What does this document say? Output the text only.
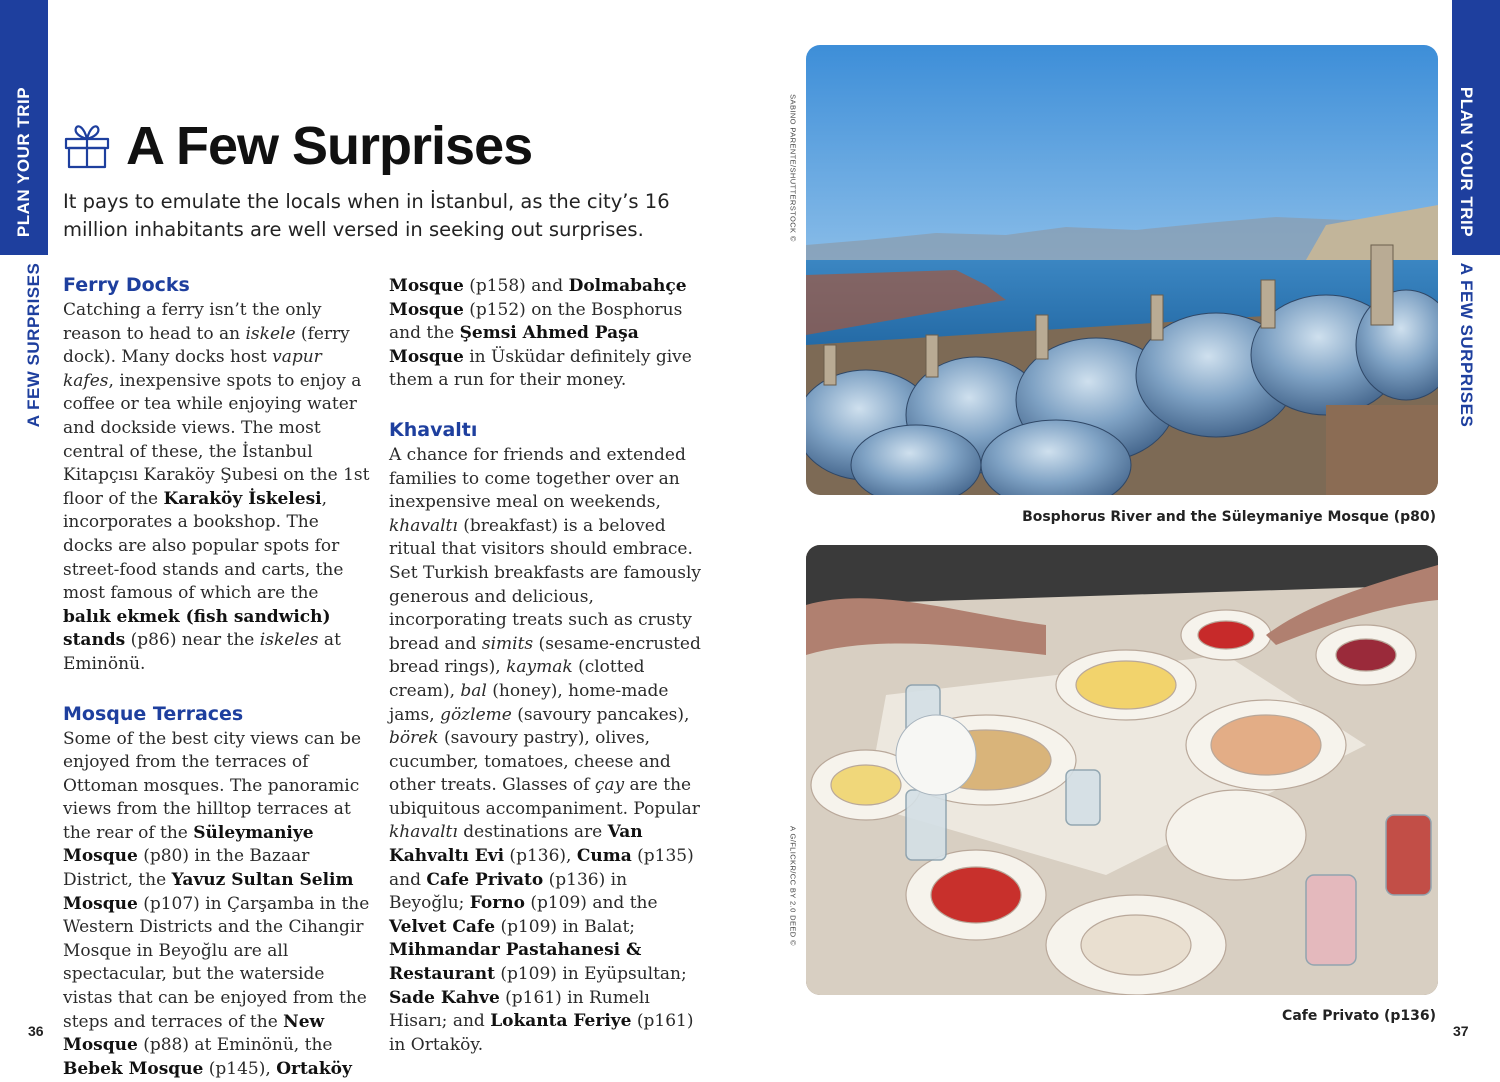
PLAN YOUR TRIP
A FEW SURPRISES
PLAN YOUR TRIP
A FEW SURPRISES
A Few Surprises

It pays to emulate the locals when in İstanbul, as the city’s 16 million inhabitants are well versed in seeking out surprises.

Ferry Docks

Catching a ferry isn’t the only reason to head to an iskele (ferry dock). Many docks host vapur kafes, inexpensive spots to enjoy a coffee or tea while enjoying water and dockside views. The most central of these, the İstanbul Kitapçısı Karaköy Şubesi on the 1st floor of the Karaköy İskelesi, incorporates a bookshop. The docks are also popular spots for street-food stands and carts, the most famous of which are the balık ekmek (fish sandwich) stands (p86) near the iskeles at Eminönü.

Mosque Terraces

Some of the best city views can be enjoyed from the terraces of Ottoman mosques. The panoramic views from the hilltop terraces at the rear of the Süleymaniye Mosque (p80) in the Bazaar District, the Yavuz Sultan Selim Mosque (p107) in Çarşamba in the Western Districts and the Cihangir Mosque in Beyoğlu are all spectacular, but the waterside vistas that can be enjoyed from the steps and terraces of the New Mosque (p88) at Eminönü, the Bebek Mosque (p145), Ortaköy

Mosque (p158) and Dolmabahçe Mosque (p152) on the Bosphorus and the Şemsi Ahmed Paşa Mosque in Üsküdar definitely give them a run for their money.

Khavaltı

A chance for friends and extended families to come together over an inexpensive meal on weekends, khavaltı (breakfast) is a beloved ritual that visitors should embrace. Set Turkish breakfasts are famously generous and delicious, incorporating treats such as crusty bread and simits (sesame-encrusted bread rings), kaymak (clotted cream), bal (honey), home-made jams, gözleme (savoury pancakes), börek (savoury pastry), olives, cucumber, tomatoes, cheese and other treats. Glasses of çay are the ubiquitous accompaniment. Popular khavaltı destinations are Van Kahvaltı Evi (p136), Cuma (p135) and Cafe Privato (p136) in Beyoğlu; Forno (p109) and the Velvet Cafe (p109) in Balat; Mihmandar Pastahanesi & Restaurant (p109) in Eyüpsultan; Sade Kahve (p161) in Rumelı Hisarı; and Lokanta Feriye (p161) in Ortaköy.

SABINO PARENTE/SHUTTERSTOCK ©
Bosphorus River and the Süleymaniye Mosque (p80)
A G/FLICKR/CC BY 2.0 DEED ©
Cafe Privato (p136)
36	37
